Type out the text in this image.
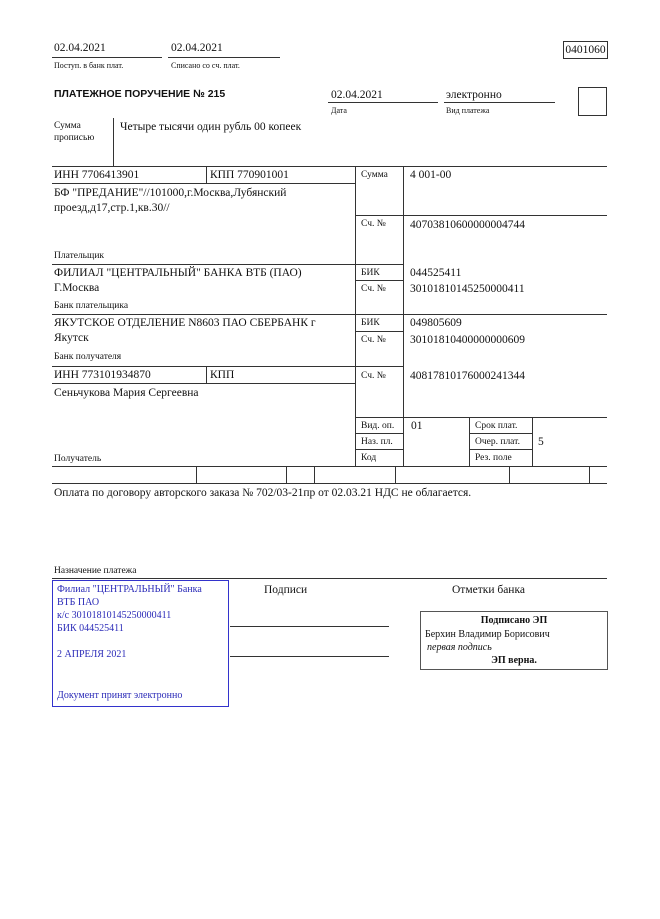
02.04.2021
Поступ. в банк плат.
02.04.2021
Списано со сч. плат.
0401060
ПЛАТЕЖНОЕ ПОРУЧЕНИЕ № 215	02.04.2021
Дата
электронно
Вид платежа
Сумма
прописью
Четыре тысячи один рубль 00 копеек
ИНН 7706413901	КПП 770901001
БФ "ПРЕДАНИЕ"//101000,г.Москва,Лубянский
проезд,д17,стр.1,кв.30//
Плательщик
Сумма 4 001-00
Сч. № 40703810600000004744
ФИЛИАЛ "ЦЕНТРАЛЬНЫЙ" БАНКА ВТБ (ПАО)
Г.Москва
Банк плательщика
БИК	044525411
Сч. № 30101810145250000411
ЯКУТСКОЕ ОТДЕЛЕНИЕ N8603 ПАО СБЕРБАНК г
Якутск
Банк получателя
БИК	049805609
Сч. № 30101810400000000609
ИНН 773101934870	КПП
Сеньчукова Мария Сергеевна
Сч. № 40817810176000241344
Получатель
Вид. оп. 01
Наз. пл.
Код
Срок плат.
Очер. плат. 5
Рез. поле
Оплата по договору авторского заказа № 702/03-21пр от 02.03.21 НДС не облагается.
Назначение платежа
Подписи	Отметки банка
Филиал "ЦЕНТРАЛЬНЫЙ" Банка
ВТБ ПАО
к/с 30101810145250000411
БИК 044525411
2 АПРЕЛЯ 2021
Документ принят электронно
Подписано ЭП
Берхин Владимир Борисович
первая подпись
ЭП верна.
